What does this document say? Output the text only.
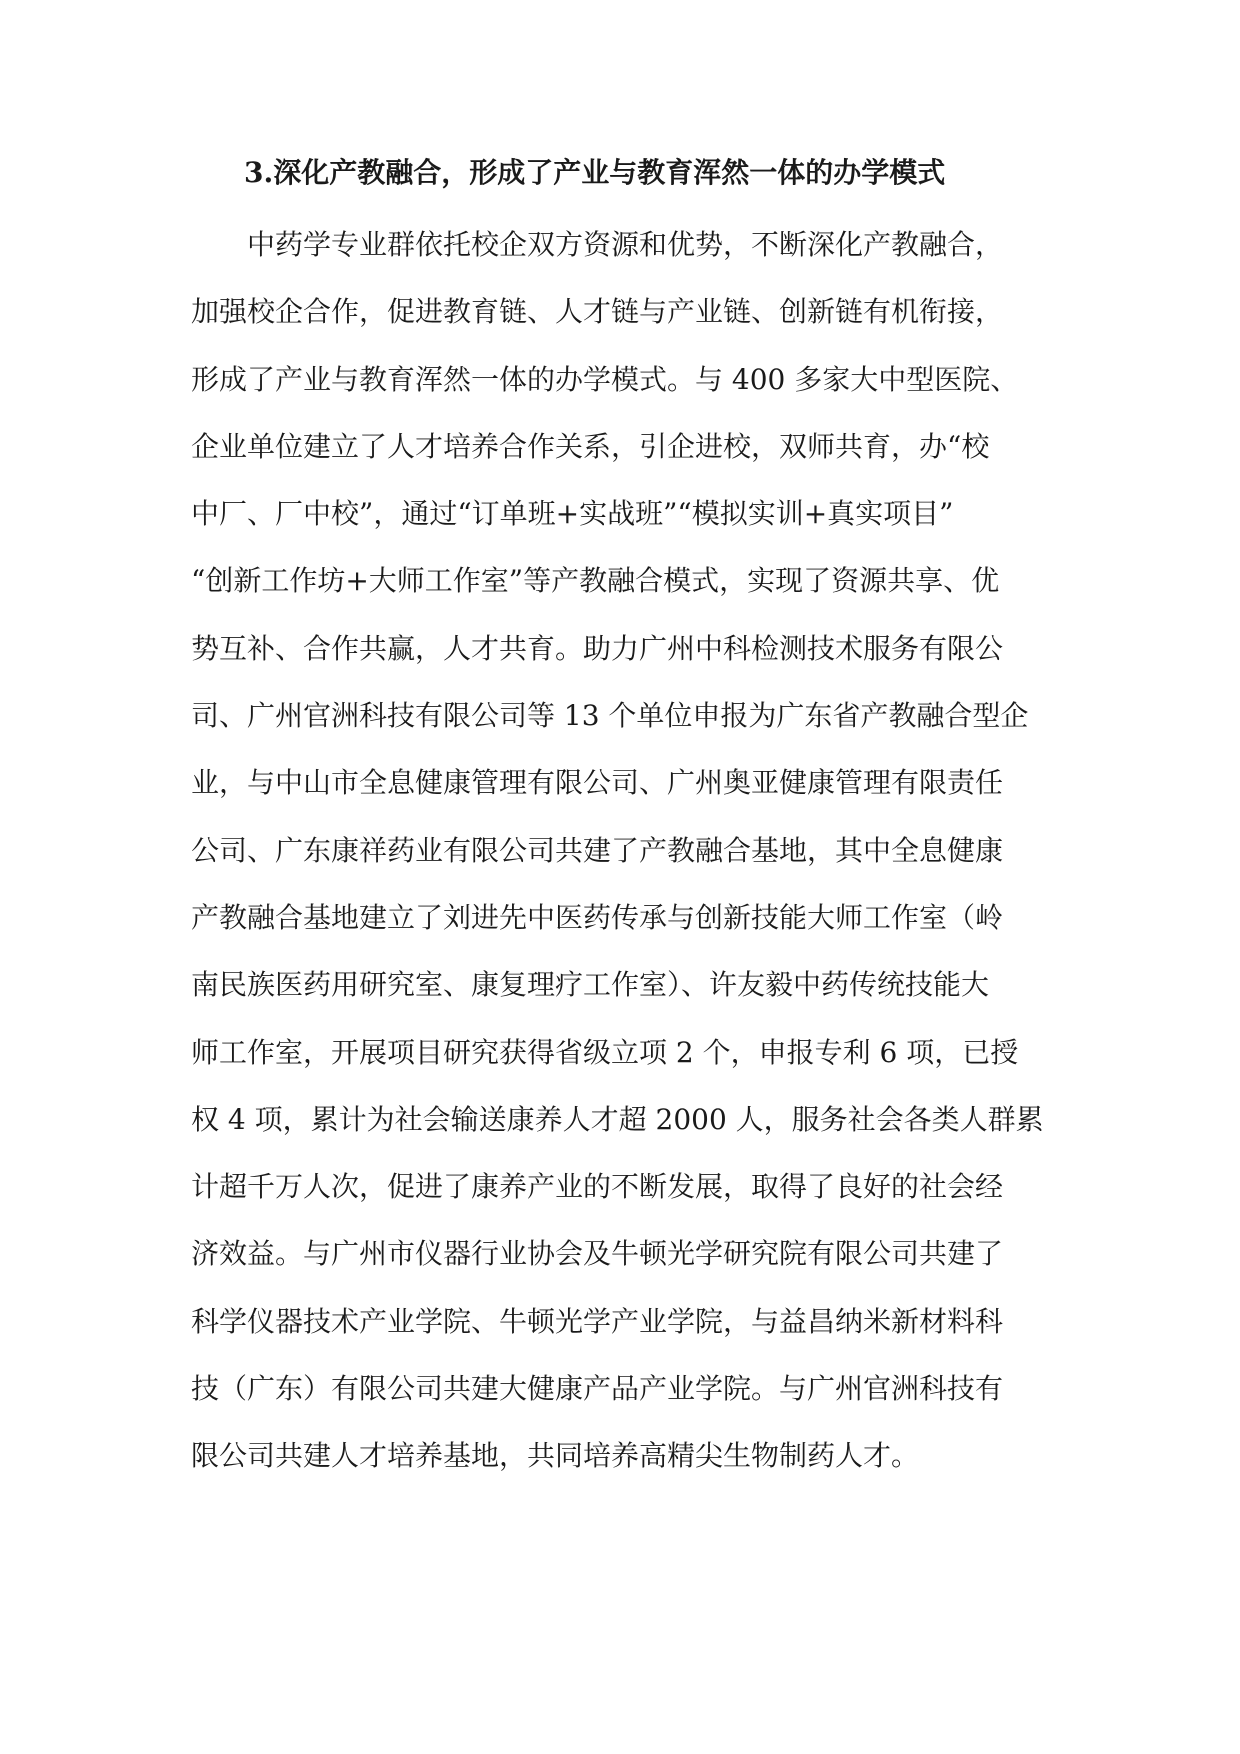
3.深化产教融合，形成了产业与教育浑然一体的办学模式
中药学专业群依托校企双方资源和优势，不断深化产教融合，
加强校企合作，促进教育链、人才链与产业链、创新链有机衔接，
形成了产业与教育浑然一体的办学模式。与 400 多家大中型医院、
企业单位建立了人才培养合作关系，引企进校，双师共育，办“校
中厂、厂中校”，通过“订单班+实战班”“模拟实训+真实项目”
“创新工作坊+大师工作室”等产教融合模式，实现了资源共享、优
势互补、合作共赢，人才共育。助力广州中科检测技术服务有限公
司、广州官洲科技有限公司等 13 个单位申报为广东省产教融合型企
业，与中山市全息健康管理有限公司、广州奥亚健康管理有限责任
公司、广东康祥药业有限公司共建了产教融合基地，其中全息健康
产教融合基地建立了刘进先中医药传承与创新技能大师工作室（岭
南民族医药用研究室、康复理疗工作室）、许友毅中药传统技能大
师工作室，开展项目研究获得省级立项 2 个，申报专利 6 项，已授
权 4 项，累计为社会输送康养人才超 2000 人，服务社会各类人群累
计超千万人次，促进了康养产业的不断发展，取得了良好的社会经
济效益。与广州市仪器行业协会及牛顿光学研究院有限公司共建了
科学仪器技术产业学院、牛顿光学产业学院，与益昌纳米新材料科
技（广东）有限公司共建大健康产品产业学院。与广州官洲科技有
限公司共建人才培养基地，共同培养高精尖生物制药人才。
